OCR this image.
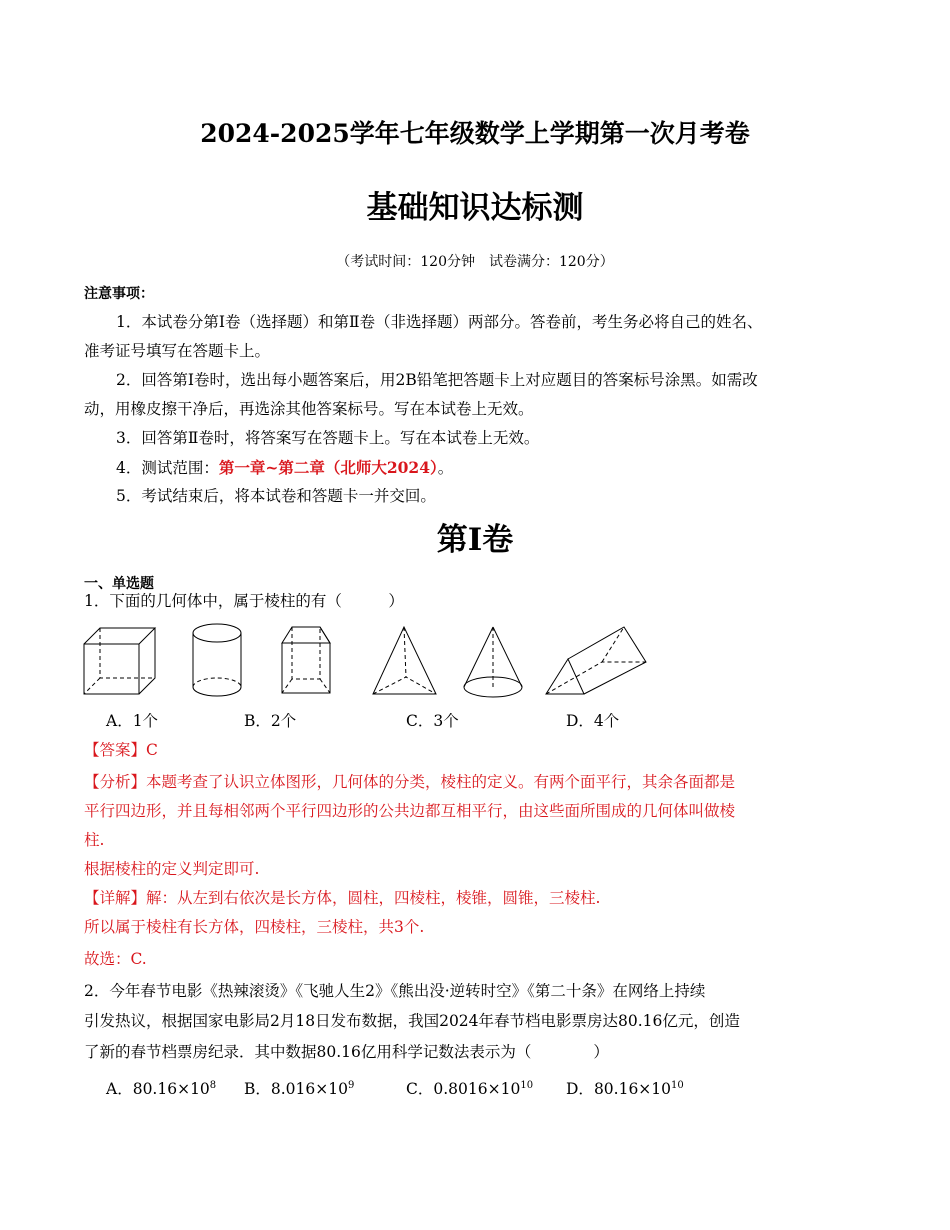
2024-2025学年七年级数学上学期第一次月考卷
基础知识达标测
（考试时间：120分钟　试卷满分：120分）
注意事项：
1．本试卷分第Ⅰ卷（选择题）和第Ⅱ卷（非选择题）两部分。答卷前，考生务必将自己的姓名、
准考证号填写在答题卡上。
2．回答第Ⅰ卷时，选出每小题答案后，用2B铅笔把答题卡上对应题目的答案标号涂黑。如需改
动，用橡皮擦干净后，再选涂其他答案标号。写在本试卷上无效。
3．回答第Ⅱ卷时，将答案写在答题卡上。写在本试卷上无效。
4．测试范围：第一章~第二章（北师大2024）。
5．考试结束后，将本试卷和答题卡一并交回。
第Ⅰ卷
一、单选题
1．下面的几何体中，属于棱柱的有（　　　）
A．1个	B．2个	C．3个	D．4个
【答案】C
【分析】本题考查了认识立体图形，几何体的分类，棱柱的定义。有两个面平行，其余各面都是
平行四边形，并且每相邻两个平行四边形的公共边都互相平行，由这些面所围成的几何体叫做棱
柱.
根据棱柱的定义判定即可.
【详解】解：从左到右依次是长方体，圆柱，四棱柱，棱锥，圆锥，三棱柱.
所以属于棱柱有长方体，四棱柱，三棱柱，共3个.
故选：C.
2．今年春节电影《热辣滚烫》《飞驰人生2》《熊出没·逆转时空》《第二十条》在网络上持续
引发热议，根据国家电影局2月18日发布数据，我国2024年春节档电影票房达80.16亿元，创造
了新的春节档票房纪录．其中数据80.16亿用科学记数法表示为（　　　　）
A．$80.16\times 10^8$ B．$8.016\times 10^9$	C．$0.8016\times 10^{10}$ D．$80.16\times 10^{10}$
